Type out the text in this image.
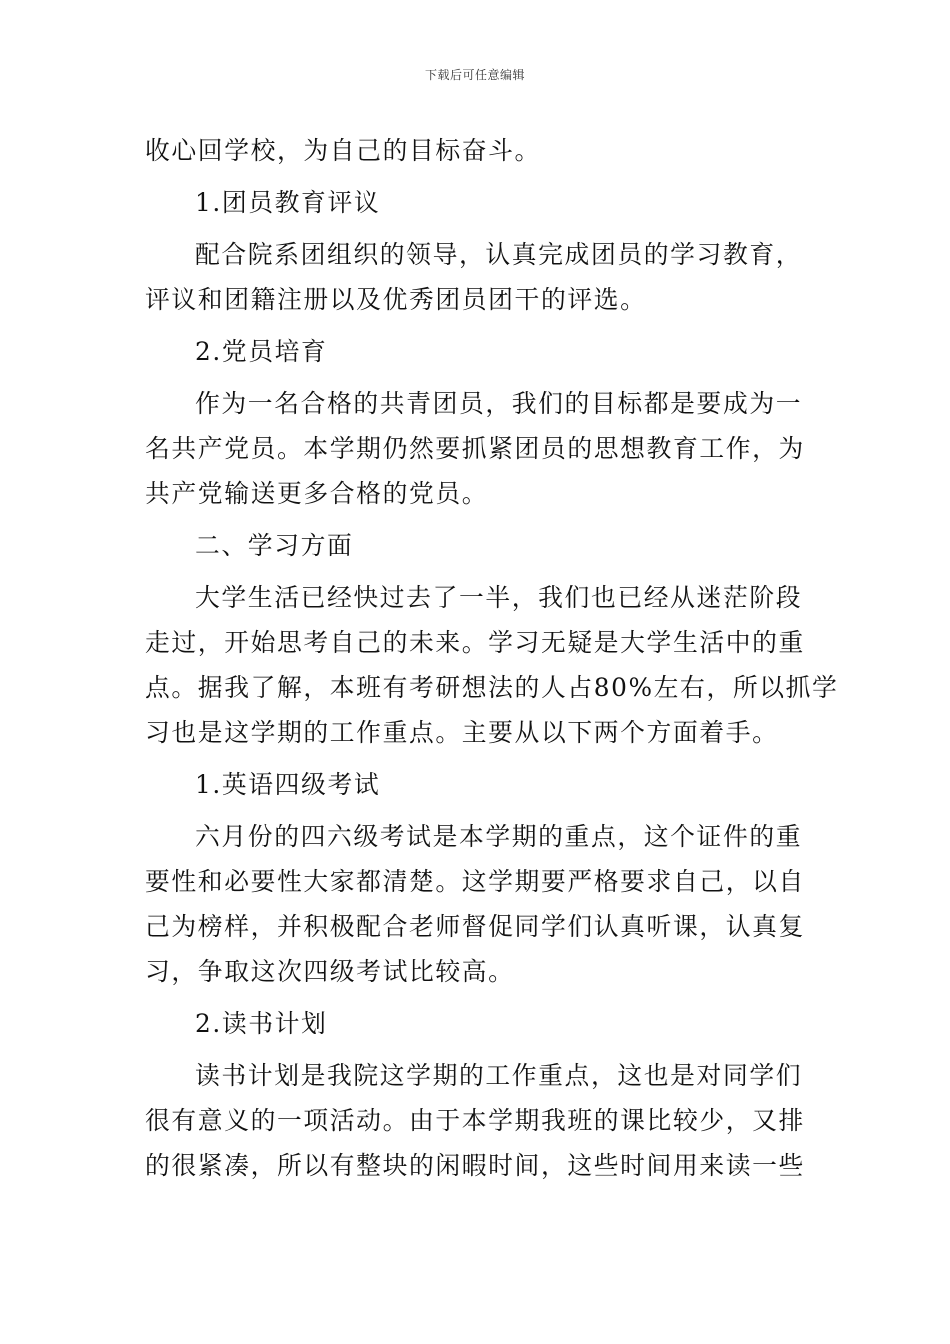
下载后可任意编辑
收心回学校，为自己的目标奋斗。
1.团员教育评议
配合院系团组织的领导，认真完成团员的学习教育，
评议和团籍注册以及优秀团员团干的评选。
2.党员培育
作为一名合格的共青团员，我们的目标都是要成为一
名共产党员。本学期仍然要抓紧团员的思想教育工作，为
共产党输送更多合格的党员。
二、学习方面
大学生活已经快过去了一半，我们也已经从迷茫阶段
走过，开始思考自己的未来。学习无疑是大学生活中的重
点。据我了解，本班有考研想法的人占80%左右，所以抓学
习也是这学期的工作重点。主要从以下两个方面着手。
1.英语四级考试
六月份的四六级考试是本学期的重点，这个证件的重
要性和必要性大家都清楚。这学期要严格要求自己，以自
己为榜样，并积极配合老师督促同学们认真听课，认真复
习，争取这次四级考试比较高。
2.读书计划
读书计划是我院这学期的工作重点，这也是对同学们
很有意义的一项活动。由于本学期我班的课比较少，又排
的很紧凑，所以有整块的闲暇时间，这些时间用来读一些
